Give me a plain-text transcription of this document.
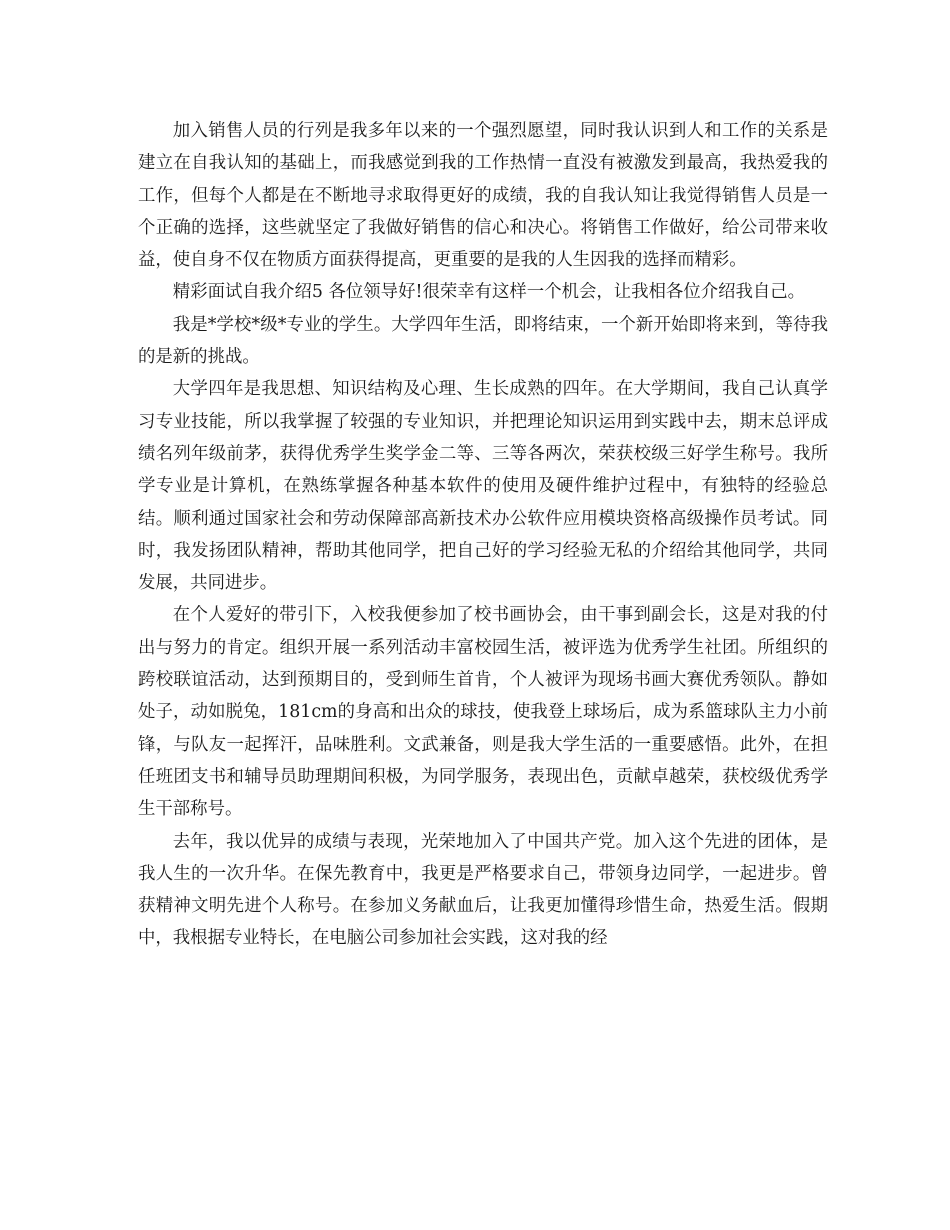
加入销售人员的行列是我多年以来的一个强烈愿望，同时我认识到人和工作的关系是建立在自我认知的基础上，而我感觉到我的工作热情一直没有被激发到最高，我热爱我的工作，但每个人都是在不断地寻求取得更好的成绩，我的自我认知让我觉得销售人员是一个正确的选择，这些就坚定了我做好销售的信心和决心。将销售工作做好，给公司带来收益，使自身不仅在物质方面获得提高，更重要的是我的人生因我的选择而精彩。

精彩面试自我介绍5 各位领导好!很荣幸有这样一个机会，让我相各位介绍我自己。

我是*学校*级*专业的学生。大学四年生活，即将结束，一个新开始即将来到，等待我的是新的挑战。

大学四年是我思想、知识结构及心理、生长成熟的四年。在大学期间，我自己认真学习专业技能，所以我掌握了较强的专业知识，并把理论知识运用到实践中去，期末总评成绩名列年级前茅，获得优秀学生奖学金二等、三等各两次，荣获校级三好学生称号。我所学专业是计算机，在熟练掌握各种基本软件的使用及硬件维护过程中，有独特的经验总结。顺利通过国家社会和劳动保障部高新技术办公软件应用模块资格高级操作员考试。同时，我发扬团队精神，帮助其他同学，把自己好的学习经验无私的介绍给其他同学，共同发展，共同进步。

在个人爱好的带引下，入校我便参加了校书画协会，由干事到副会长，这是对我的付出与努力的肯定。组织开展一系列活动丰富校园生活，被评选为优秀学生社团。所组织的跨校联谊活动，达到预期目的，受到师生首肯，个人被评为现场书画大赛优秀领队。静如处子，动如脱兔，181cm的身高和出众的球技，使我登上球场后，成为系篮球队主力小前锋，与队友一起挥汗，品味胜利。文武兼备，则是我大学生活的一重要感悟。此外，在担任班团支书和辅导员助理期间积极，为同学服务，表现出色，贡献卓越荣，获校级优秀学生干部称号。

去年，我以优异的成绩与表现，光荣地加入了中国共产党。加入这个先进的团体，是我人生的一次升华。在保先教育中，我更是严格要求自己，带领身边同学，一起进步。曾获精神文明先进个人称号。在参加义务献血后，让我更加懂得珍惜生命，热爱生活。假期中，我根据专业特长，在电脑公司参加社会实践，这对我的经
